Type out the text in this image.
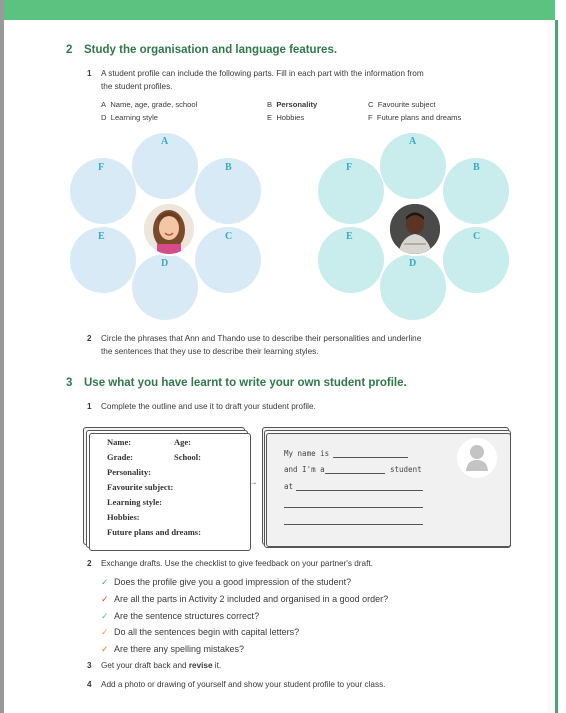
2 Study the organisation and language features.
1 A student profile can include the following parts. Fill in each part with the information from
the student profiles.
A Name, age, grade, school	B Personality	C Favourite subject
D Learning style	E Hobbies	F Future plans and dreams
A
B
C
D
E
F
A
B
C
D
E
F
2 Circle the phrases that Ann and Thando use to describe their personalities and underline
the sentences that they use to describe their learning styles.
3 Use what you have learnt to write your own student profile.
1 Complete the outline and use it to draft your student profile.
Name:	Age:
Grade:	School:
Personality:
Favourite subject:
Learning style:
Hobbies:
Future plans and dreams:
→
My name is
and I'm a	student
at
2 Exchange drafts. Use the checklist to give feedback on your partner's draft.
✓ Does the profile give you a good impression of the student?
✓ Are all the parts in Activity 2 included and organised in a good order?
✓ Are the sentence structures correct?
✓ Do all the sentences begin with capital letters?
✓ Are there any spelling mistakes?
3 Get your draft back and revise it.
4 Add a photo or drawing of yourself and show your student profile to your class.
